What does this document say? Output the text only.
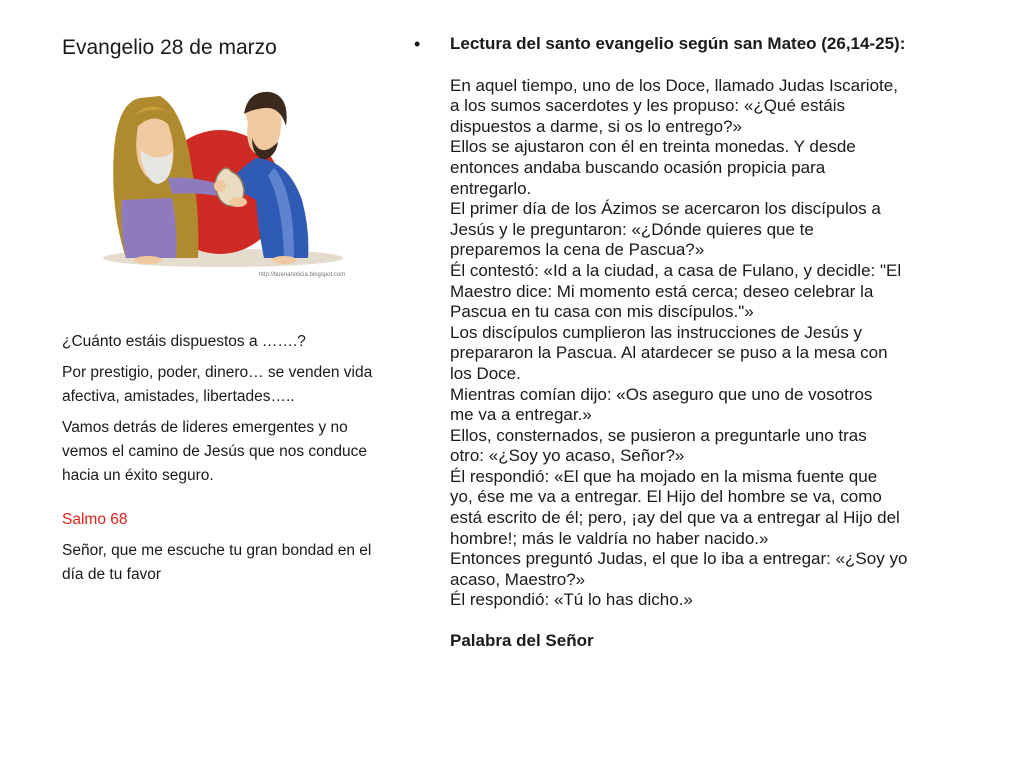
Evangelio 28 de marzo
http://buenanoticia.blogspot.com

¿Cuánto estáis dispuestos a …….?

Por prestigio, poder, dinero… se venden vida afectiva, amistades, libertades…..

Vamos detrás de lideres emergentes y no vemos el camino de Jesús que nos conduce hacia un éxito seguro.

Salmo 68

Señor, que me escuche tu gran bondad en el día de tu favor

• Lectura del santo evangelio según san Mateo (26,14-25):

En aquel tiempo, uno de los Doce, llamado Judas Iscariote,
a los sumos sacerdotes y les propuso: «¿Qué estáis
dispuestos a darme, si os lo entrego?»
Ellos se ajustaron con él en treinta monedas. Y desde
entonces andaba buscando ocasión propicia para
entregarlo.
El primer día de los Ázimos se acercaron los discípulos a
Jesús y le preguntaron: «¿Dónde quieres que te
preparemos la cena de Pascua?»
Él contestó: «Id a la ciudad, a casa de Fulano, y decidle: "El
Maestro dice: Mi momento está cerca; deseo celebrar la
Pascua en tu casa con mis discípulos."»
Los discípulos cumplieron las instrucciones de Jesús y
prepararon la Pascua. Al atardecer se puso a la mesa con
los Doce.
Mientras comían dijo: «Os aseguro que uno de vosotros
me va a entregar.»
Ellos, consternados, se pusieron a preguntarle uno tras
otro: «¿Soy yo acaso, Señor?»
Él respondió: «El que ha mojado en la misma fuente que
yo, ése me va a entregar. El Hijo del hombre se va, como
está escrito de él; pero, ¡ay del que va a entregar al Hijo del
hombre!; más le valdría no haber nacido.»
Entonces preguntó Judas, el que lo iba a entregar: «¿Soy yo
acaso, Maestro?»
Él respondió: «Tú lo has dicho.»

Palabra del Señor
